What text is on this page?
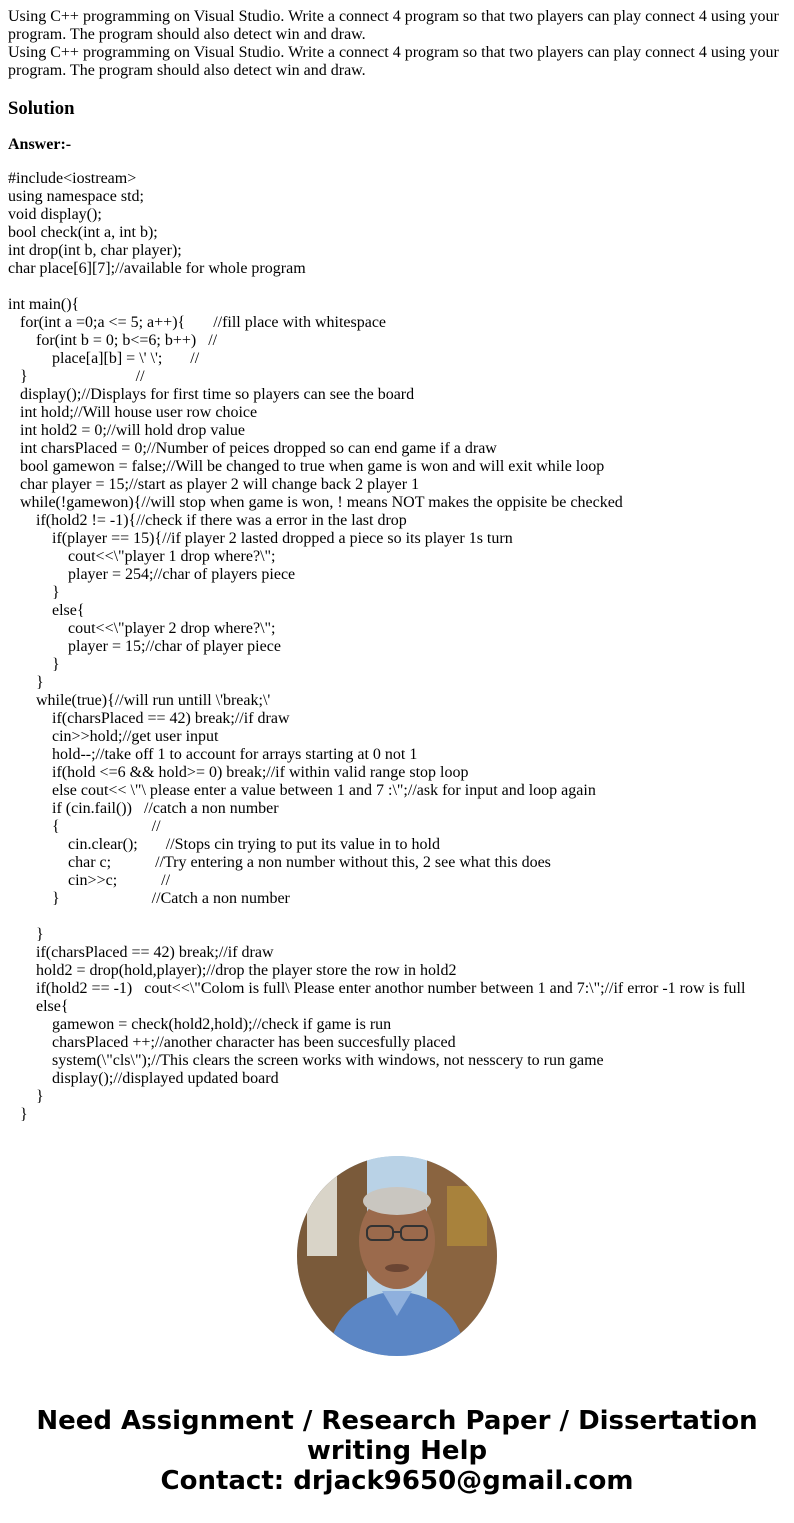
Using C++ programming on Visual Studio. Write a connect 4 program so that two players can play connect 4 using your program. The program should also detect win and draw.

Using C++ programming on Visual Studio. Write a connect 4 program so that two players can play connect 4 using your program. The program should also detect win and draw.

Solution

Answer:-

#include<iostream>
using namespace std;
void display();
bool check(int a, int b);
int drop(int b, char player);
char place[6][7];//available for whole program
int main(){
for(int a =0;a <= 5; a++){       //fill place with whitespace
for(int b = 0; b<=6; b++)   //
place[a][b] = \' \';       //
}                           //
display();//Displays for first time so players can see the board
int hold;//Will house user row choice
int hold2 = 0;//will hold drop value
int charsPlaced = 0;//Number of peices dropped so can end game if a draw
bool gamewon = false;//Will be changed to true when game is won and will exit while loop
char player = 15;//start as player 2 will change back 2 player 1
while(!gamewon){//will stop when game is won, ! means NOT makes the oppisite be checked
if(hold2 != -1){//check if there was a error in the last drop
if(player == 15){//if player 2 lasted dropped a piece so its player 1s turn
cout<<\"player 1 drop where?\";
player = 254;//char of players piece
}
else{
cout<<\"player 2 drop where?\";
player = 15;//char of player piece
}
}
while(true){//will run untill \'break;\'
if(charsPlaced == 42) break;//if draw
cin>>hold;//get user input
hold--;//take off 1 to account for arrays starting at 0 not 1
if(hold <=6 && hold>= 0) break;//if within valid range stop loop
else cout<< \"\ please enter a value between 1 and 7 :\";//ask for input and loop again
if (cin.fail())   //catch a non number
{                       //
cin.clear();       //Stops cin trying to put its value in to hold
char c;           //Try entering a non number without this, 2 see what this does
cin>>c;           //
}                       //Catch a non number
}
if(charsPlaced == 42) break;//if draw
hold2 = drop(hold,player);//drop the player store the row in hold2
if(hold2 == -1)   cout<<\"Colom is full\ Please enter anothor number between 1 and 7:\";//if error -1 row is full
else{
gamewon = check(hold2,hold);//check if game is run
charsPlaced ++;//another character has been succesfully placed
system(\"cls\");//This clears the screen works with windows, not nesscery to run game
display();//displayed updated board
}
}
Need Assignment / Research Paper / Dissertation
writing Help
Contact: drjack9650@gmail.com
